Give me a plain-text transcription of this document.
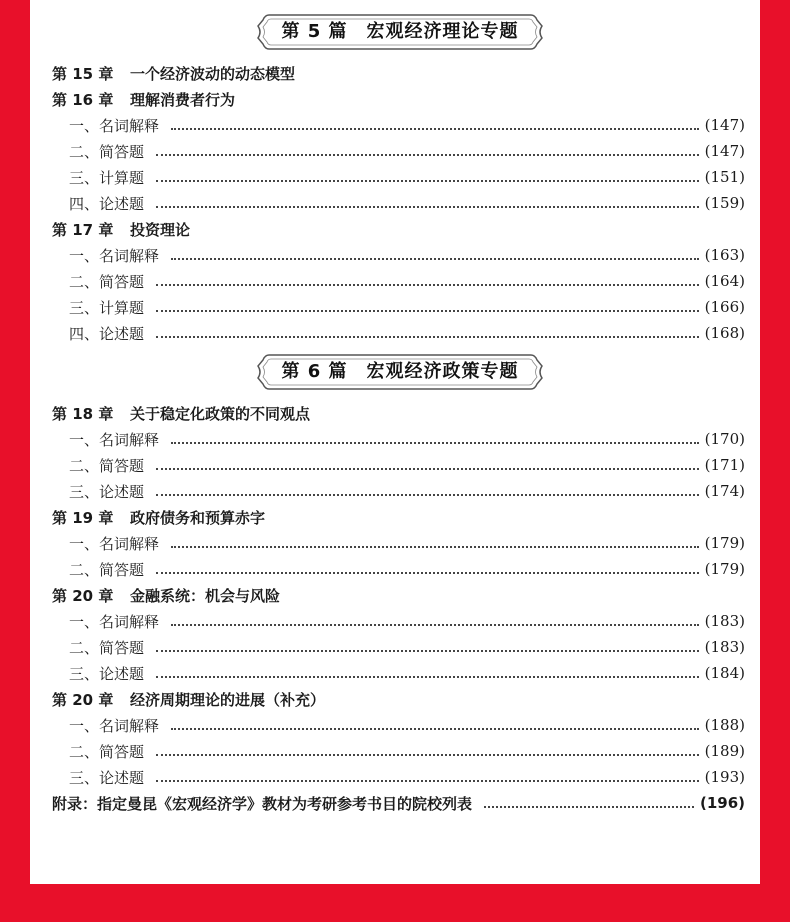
第 5 篇　宏观经济理论专题
第 15 章	一个经济波动的动态模型
第 16 章	理解消费者行为
一、名词解释	(147)
二、简答题	(147)
三、计算题	(151)
四、论述题	(159)
第 17 章	投资理论
一、名词解释	(163)
二、简答题	(164)
三、计算题	(166)
四、论述题	(168)
第 6 篇　宏观经济政策专题
第 18 章	关于稳定化政策的不同观点
一、名词解释	(170)
二、简答题	(171)
三、论述题	(174)
第 19 章	政府债务和预算赤字
一、名词解释	(179)
二、简答题	(179)
第 20 章	金融系统：机会与风险
一、名词解释	(183)
二、简答题	(183)
三、论述题	(184)
第 20 章	经济周期理论的进展（补充）
一、名词解释	(188)
二、简答题	(189)
三、论述题	(193)
附录：指定曼昆《宏观经济学》教材为考研参考书目的院校列表	(196)
